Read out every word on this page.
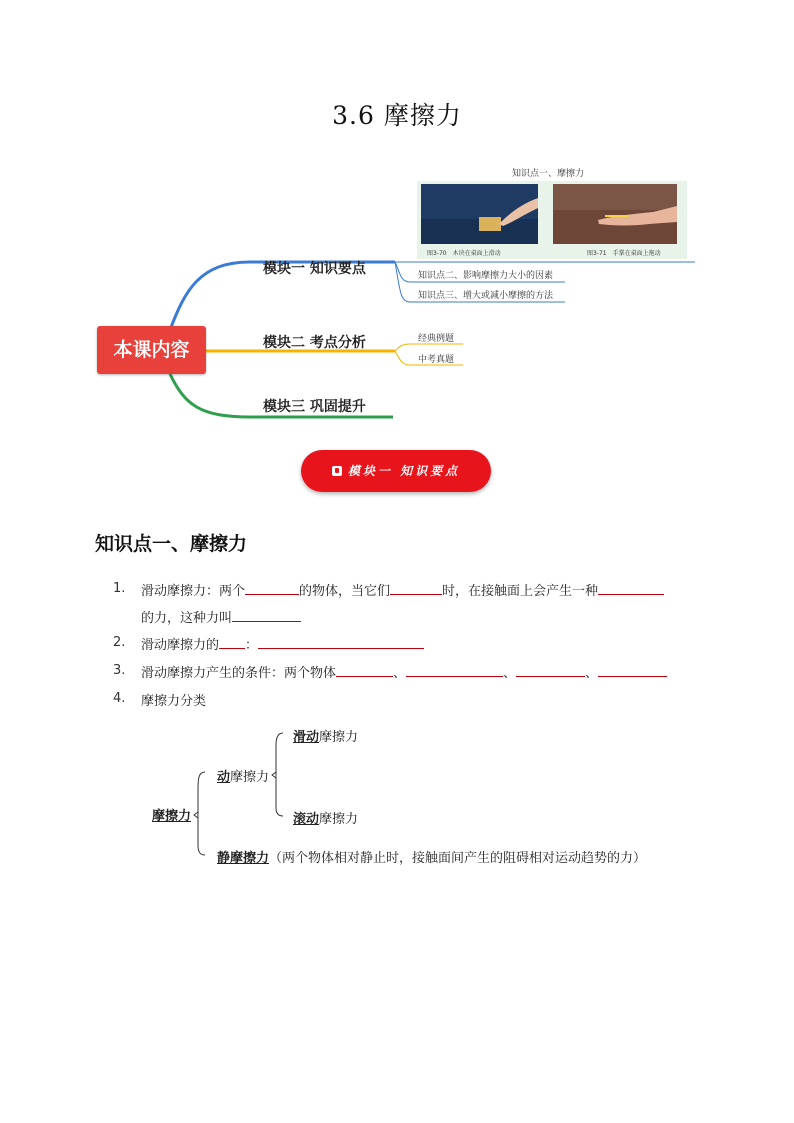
3.6 摩擦力
知识点一、摩擦力
图3-70　木块在桌面上滑动	图3-71　手掌在桌面上拖动
本课内容
模块一 知识要点	知识点二、影响摩擦力大小的因素
知识点三、增大或减小摩擦的方法
模块二 考点分析	经典例题
中考真题
模块三 巩固提升
模块一 知识要点
知识点一、摩擦力
1.	滑动摩擦力：两个	的物体，当它们	时，在接触面上会产生一种
的力，这种力叫
2.	滑动摩擦力的 ：
3.	滑动摩擦力产生的条件：两个物体	、	、	、
4.	摩擦力分类
摩擦力
动摩擦力
滑动摩擦力
滚动摩擦力
静摩擦力（两个物体相对静止时，接触面间产生的阻碍相对运动趋势的力）
